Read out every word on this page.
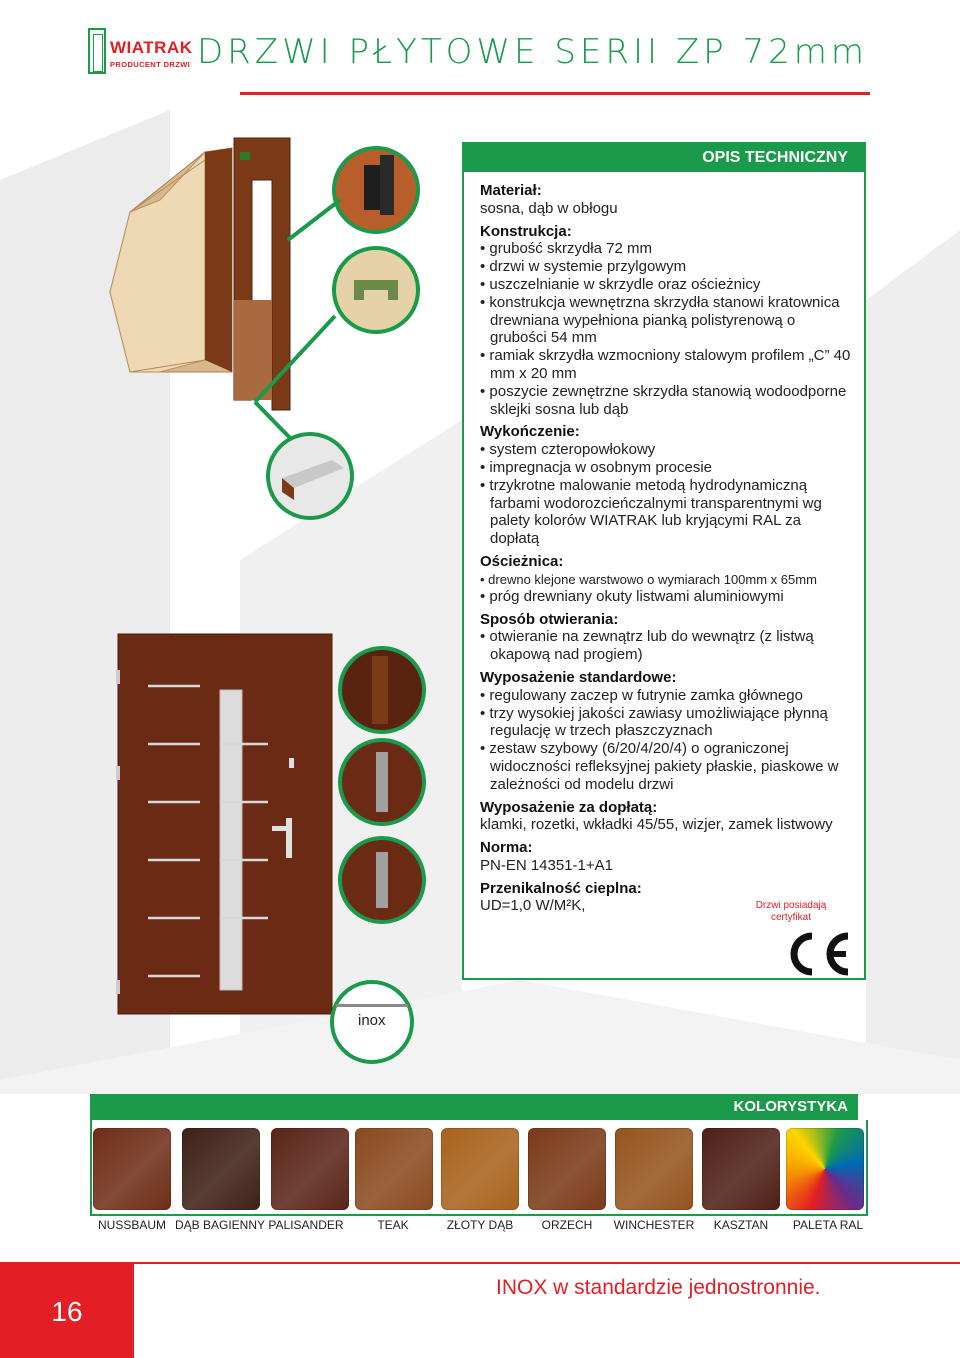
WIATRAK
PRODUCENT DRZWI DRZWI PŁYTOWE SERII ZP 72mm
inox
OPIS TECHNICZNY
Materiał:
sosna, dąb w obłogu
Konstrukcja:
• grubość skrzydła 72 mm
• drzwi w systemie przylgowym
• uszczelnianie w skrzydle oraz ościeżnicy
• konstrukcja wewnętrzna skrzydła stanowi kratownica drewniana wypełniona pianką polistyrenową o grubości 54 mm
• ramiak skrzydła wzmocniony stalowym profilem „C” 40 mm x 20 mm
• poszycie zewnętrzne skrzydła stanowią wodoodporne sklejki sosna lub dąb
Wykończenie:
• system czteropowłokowy
• impregnacja w osobnym procesie
• trzykrotne malowanie metodą hydrodynamiczną farbami wodorozcieńczalnymi transparentnymi wg palety kolorów WIATRAK lub kryjącymi RAL za dopłatą
Ościeżnica:
• drewno klejone warstwowo o wymiarach 100mm x 65mm
• próg drewniany okuty listwami aluminiowymi
Sposób otwierania:
• otwieranie na zewnątrz lub do wewnątrz (z listwą okapową nad progiem)
Wyposażenie standardowe:
• regulowany zaczep w futrynie zamka głównego
• trzy wysokiej jakości zawiasy umożliwiające płynną regulację w trzech płaszczyznach
• zestaw szybowy (6/20/4/20/4) o ograniczonej widoczności refleksyjnej pakiety płaskie, piaskowe w zależności od modelu drzwi
Wyposażenie za dopłatą:
klamki, rozetki, wkładki 45/55, wizjer, zamek listwowy
Norma:
PN-EN 14351-1+A1
Przenikalność cieplna:
UD=1,0 W/M²K,	Drzwi posiadają certyfikat
KOLORYSTYKA
NUSSBAUM DĄB BAGIENNY PALISANDER	TEAK	ZŁOTY DĄB	ORZECH	WINCHESTER	KASZTAN	PALETA RAL
16
INOX w standardzie jednostronnie.
